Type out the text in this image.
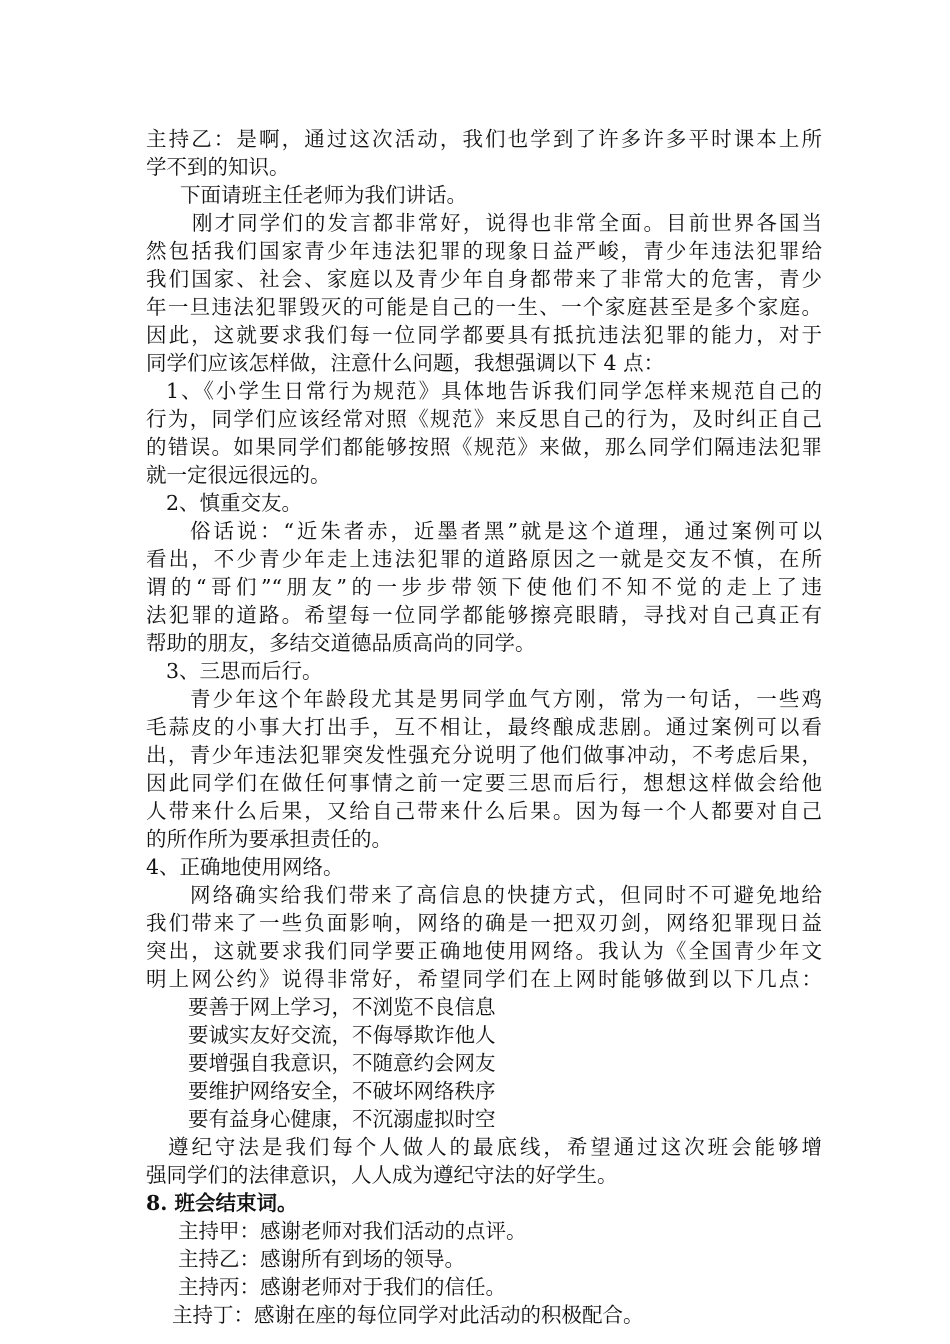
主持乙：是啊，通过这次活动，我们也学到了许多许多平时课本上所
学不到的知识。
下面请班主任老师为我们讲话。
刚才同学们的发言都非常好，说得也非常全面。目前世界各国当
然包括我们国家青少年违法犯罪的现象日益严峻，青少年违法犯罪给
我们国家、社会、家庭以及青少年自身都带来了非常大的危害，青少
年一旦违法犯罪毁灭的可能是自己的一生、一个家庭甚至是多个家庭。
因此，这就要求我们每一位同学都要具有抵抗违法犯罪的能力，对于
同学们应该怎样做，注意什么问题，我想强调以下 4 点：
1、《小学生日常行为规范》具体地告诉我们同学怎样来规范自己的
行为，同学们应该经常对照《规范》来反思自己的行为，及时纠正自己
的错误。如果同学们都能够按照《规范》来做，那么同学们隔违法犯罪
就一定很远很远的。
2、慎重交友。
俗话说：“近朱者赤，近墨者黑”就是这个道理，通过案例可以
看出，不少青少年走上违法犯罪的道路原因之一就是交友不慎，在所
谓的“哥们”“朋友”的一步步带领下使他们不知不觉的走上了违
法犯罪的道路。希望每一位同学都能够擦亮眼睛，寻找对自己真正有
帮助的朋友，多结交道德品质高尚的同学。
3、三思而后行。
青少年这个年龄段尤其是男同学血气方刚，常为一句话，一些鸡
毛蒜皮的小事大打出手，互不相让，最终酿成悲剧。通过案例可以看
出，青少年违法犯罪突发性强充分说明了他们做事冲动，不考虑后果，
因此同学们在做任何事情之前一定要三思而后行，想想这样做会给他
人带来什么后果，又给自己带来什么后果。因为每一个人都要对自己
的所作所为要承担责任的。
4、正确地使用网络。
网络确实给我们带来了高信息的快捷方式，但同时不可避免地给
我们带来了一些负面影响，网络的确是一把双刃剑，网络犯罪现日益
突出，这就要求我们同学要正确地使用网络。我认为《全国青少年文
明上网公约》说得非常好，希望同学们在上网时能够做到以下几点：
要善于网上学习，不浏览不良信息
要诚实友好交流，不侮辱欺诈他人
要增强自我意识，不随意约会网友
要维护网络安全，不破坏网络秩序
要有益身心健康，不沉溺虚拟时空
遵纪守法是我们每个人做人的最底线，希望通过这次班会能够增
强同学们的法律意识，人人成为遵纪守法的好学生。
8. 班会结束词。
主持甲：感谢老师对我们活动的点评。
主持乙：感谢所有到场的领导。
主持丙：感谢老师对于我们的信任。
主持丁：感谢在座的每位同学对此活动的积极配合。
